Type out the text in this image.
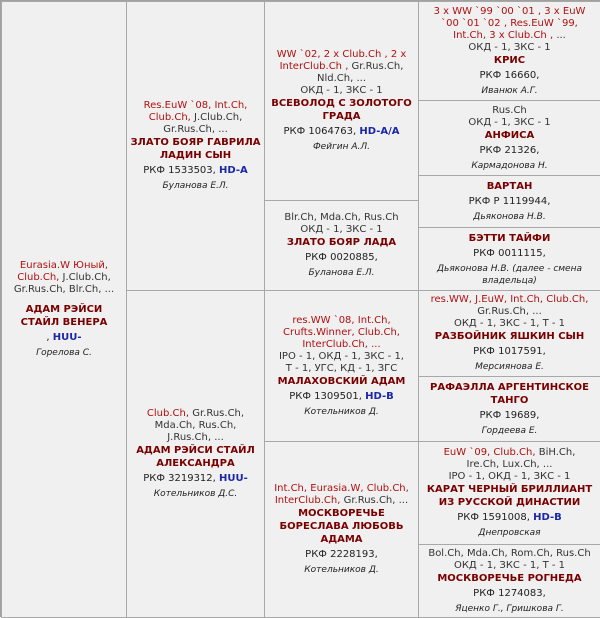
Eurasia.W Юный,
Club.Ch, J.Club.Ch,
Gr.Rus.Ch, Blr.Ch, ...
АДАМ РЭЙСИ
СТАЙЛ ВЕНЕРА
, HUU-
Горелова С.
Res.EuW `08, Int.Ch,
Club.Ch, J.Club.Ch,
Gr.Rus.Ch, ...
ЗЛАТО БОЯР ГАВРИЛА
ЛАДИН СЫН
РКФ 1533503, HD-A
Буланова Е.Л.
Club.Ch, Gr.Rus.Ch,
Mda.Ch, Rus.Ch,
J.Rus.Ch, ...
АДАМ РЭЙСИ СТАЙЛ
АЛЕКСАНДРА
РКФ 3219312, HUU-
Котельников Д.С.
WW `02, 2 x Club.Ch , 2 x
InterClub.Ch , Gr.Rus.Ch,
Nld.Ch, ...
ОКД - 1, ЗКС - 1
ВСЕВОЛОД С ЗОЛОТОГО
ГРАДА
РКФ 1064763, HD-A/A
Фейгин А.Л.
Blr.Ch, Mda.Ch, Rus.Ch
ОКД - 1, ЗКС - 1
ЗЛАТО БОЯР ЛАДА
РКФ 0020885,
Буланова Е.Л.
res.WW `08, Int.Ch,
Crufts.Winner, Club.Ch,
InterClub.Ch, ...
IPO - 1, ОКД - 1, ЗКС - 1,
Т - 1, УГС, КД - 1, ЗГС
МАЛАХОВСКИЙ АДАМ
РКФ 1309501, HD-B
Котельников Д.
Int.Ch, Eurasia.W, Club.Ch,
InterClub.Ch, Gr.Rus.Ch, ...
МОСКВОРЕЧЬЕ
БОРЕСЛАВА ЛЮБОВЬ
АДАМА
РКФ 2228193,
Котельников Д.
3 x WW `99 `00 `01 , 3 x EuW
`00 `01 `02 , Res.EuW `99,
Int.Ch, 3 x Club.Ch , ...
ОКД - 1, ЗКС - 1
КРИС
РКФ 16660,
Иванюк А.Г.
Rus.Ch
ОКД - 1, ЗКС - 1
АНФИСА
РКФ 21326,
Кармадонова Н.
ВАРТАН
РКФ Р 1119944,
Дьяконова Н.В.
БЭТТИ ТАЙФИ
РКФ 0011115,
Дьяконова Н.В. (далее - смена
владельца)
res.WW, J.EuW, Int.Ch, Club.Ch,
Gr.Rus.Ch, ...
ОКД - 1, ЗКС - 1, Т - 1
РАЗБОЙНИК ЯШКИН СЫН
РКФ 1017591,
Мерсиянова Е.
РАФАЭЛЛА АРГЕНТИНСКОЕ
ТАНГО
РКФ 19689,
Гордеева Е.
EuW `09, Club.Ch, BiH.Ch,
Ire.Ch, Lux.Ch, ...
IPO - 1, ОКД - 1, ЗКС - 1
КАРАТ ЧЕРНЫЙ БРИЛЛИАНТ
ИЗ РУССКОЙ ДИНАСТИИ
РКФ 1591008, HD-B
Днепровская
Bol.Ch, Mda.Ch, Rom.Ch, Rus.Ch
ОКД - 1, ЗКС - 1, Т - 1
МОСКВОРЕЧЬЕ РОГНЕДА
РКФ 1274083,
Яценко Г., Гришкова Г.
